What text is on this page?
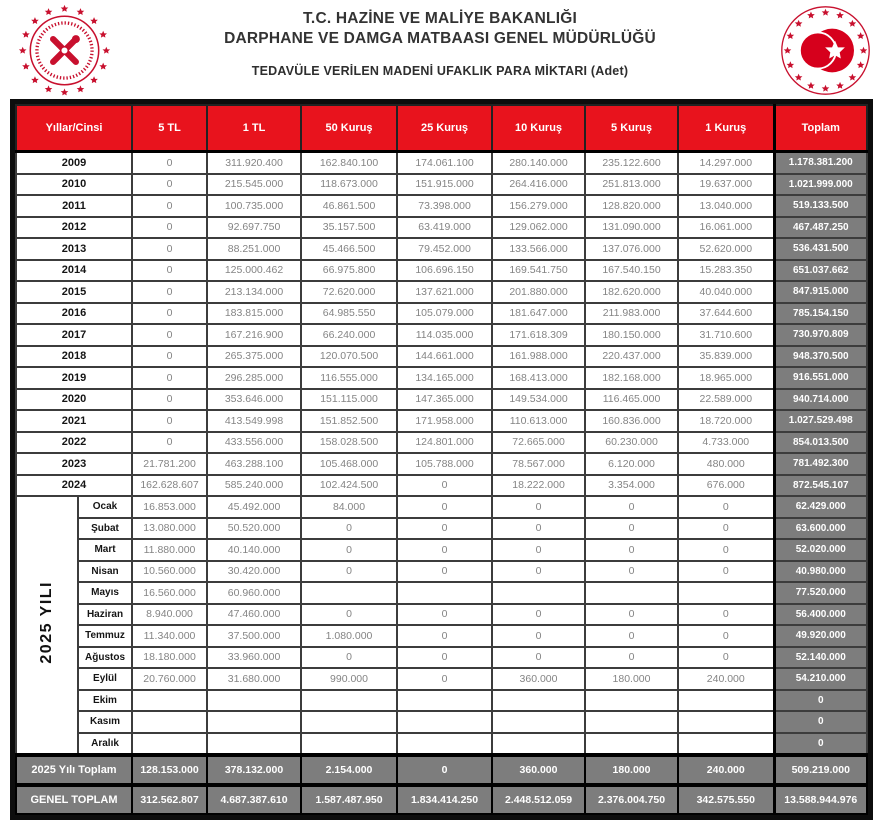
T.C. HAZİNE VE MALİYE BAKANLIĞI
DARPHANE VE DAMGA MATBAASI GENEL MÜDÜRLÜĞÜ
TEDAVÜLE VERİLEN MADENİ UFAKLIK PARA MİKTARI (Adet)
Yıllar/Cinsi		5 TL	1 TL	50 Kuruş	25 Kuruş	10 Kuruş	5 Kuruş	1 Kuruş	Toplam
2009		0	311.920.400	162.840.100	174.061.100	280.140.000	235.122.600	14.297.000	1.178.381.200
2010		0	215.545.000	118.673.000	151.915.000	264.416.000	251.813.000	19.637.000	1.021.999.000
2011		0	100.735.000	46.861.500	73.398.000	156.279.000	128.820.000	13.040.000	519.133.500
2012		0	92.697.750	35.157.500	63.419.000	129.062.000	131.090.000	16.061.000	467.487.250
2013		0	88.251.000	45.466.500	79.452.000	133.566.000	137.076.000	52.620.000	536.431.500
2014		0	125.000.462	66.975.800	106.696.150	169.541.750	167.540.150	15.283.350	651.037.662
2015		0	213.134.000	72.620.000	137.621.000	201.880.000	182.620.000	40.040.000	847.915.000
2016		0	183.815.000	64.985.550	105.079.000	181.647.000	211.983.000	37.644.600	785.154.150
2017		0	167.216.900	66.240.000	114.035.000	171.618.309	180.150.000	31.710.600	730.970.809
2018		0	265.375.000	120.070.500	144.661.000	161.988.000	220.437.000	35.839.000	948.370.500
2019		0	296.285.000	116.555.000	134.165.000	168.413.000	182.168.000	18.965.000	916.551.000
2020		0	353.646.000	151.115.000	147.365.000	149.534.000	116.465.000	22.589.000	940.714.000
2021		0	413.549.998	151.852.500	171.958.000	110.613.000	160.836.000	18.720.000	1.027.529.498
2022		0	433.556.000	158.028.500	124.801.000	72.665.000	60.230.000	4.733.000	854.013.500
2023		21.781.200	463.288.100	105.468.000	105.788.000	78.567.000	6.120.000	480.000	781.492.300
2024		162.628.607	585.240.000	102.424.500	0	18.222.000	3.354.000	676.000	872.545.107
2025 YILI	Ocak	16.853.000	45.492.000	84.000	0	0	0	0	62.429.000
	Şubat	13.080.000	50.520.000	0	0	0	0	0	63.600.000
	Mart	11.880.000	40.140.000	0	0	0	0	0	52.020.000
	Nisan	10.560.000	30.420.000	0	0	0	0	0	40.980.000
	Mayıs	16.560.000	60.960.000						77.520.000
	Haziran	8.940.000	47.460.000	0	0	0	0	0	56.400.000
	Temmuz	11.340.000	37.500.000	1.080.000	0	0	0	0	49.920.000
	Ağustos	18.180.000	33.960.000	0	0	0	0	0	52.140.000
	Eylül	20.760.000	31.680.000	990.000	0	360.000	180.000	240.000	54.210.000
	Ekim								0
	Kasım								0
	Aralık								0
2025 Yılı Toplam		128.153.000	378.132.000	2.154.000	0	360.000	180.000	240.000	509.219.000
GENEL TOPLAM		312.562.807	4.687.387.610	1.587.487.950	1.834.414.250	2.448.512.059	2.376.004.750	342.575.550	13.588.944.976
